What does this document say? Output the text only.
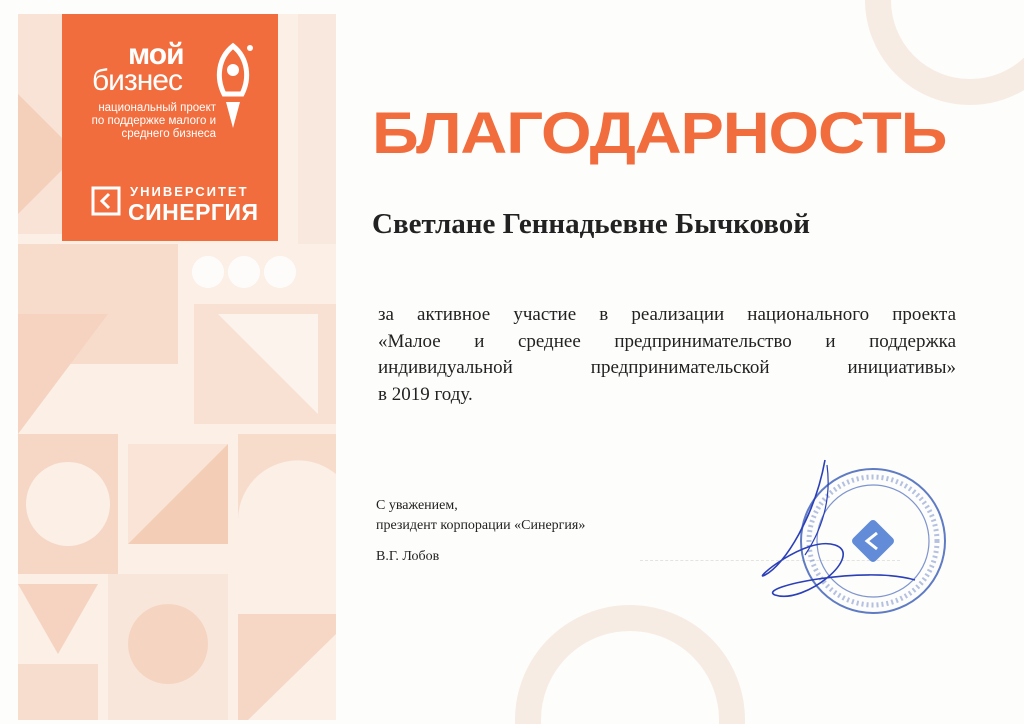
мой
бизнес
национальный проект по поддержке малого и среднего бизнеса
УНИВЕРСИТЕТ
СИНЕРГИЯ
БЛАГОДАРНОСТЬ
Светлане Геннадьевне Бычковой
за активное участие в реализации национального проекта
«Малое и среднее предпринимательство и поддержка
индивидуальной предпринимательской инициативы»
в 2019 году.
С уважением,
президент корпорации «Синергия»
В.Г. Лобов
